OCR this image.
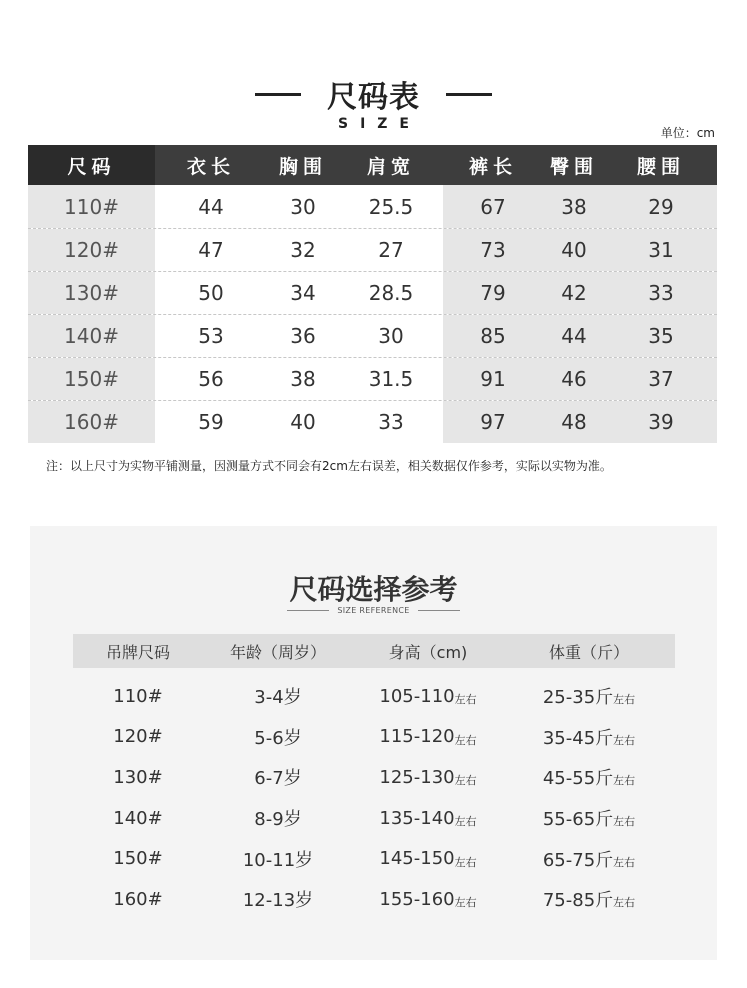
尺码表
SIZE
单位：cm
尺码	衣长	胸围	肩宽	裤长	臀围	腰围
110#	44	30	25.5	67	38	29
120#	47	32	27	73	40	31
130#	50	34	28.5	79	42	33
140#	53	36	30	85	44	35
150#	56	38	31.5	91	46	37
160#	59	40	33	97	48	39
注：以上尺寸为实物平铺测量，因测量方式不同会有2cm左右误差，相关数据仅作参考，实际以实物为准。
尺码选择参考
SIZE REFERENCE
吊牌尺码	年龄（周岁）	身高（cm)	体重（斤）
110#	3-4岁	105-110 左右	25-35斤 左右
120#	5-6岁	115-120 左右	35-45斤 左右
130#	6-7岁	125-130 左右	45-55斤 左右
140#	8-9岁	135-140 左右	55-65斤 左右
150#	10-11岁	145-150 左右	65-75斤 左右
160#	12-13岁	155-160 左右	75-85斤 左右
